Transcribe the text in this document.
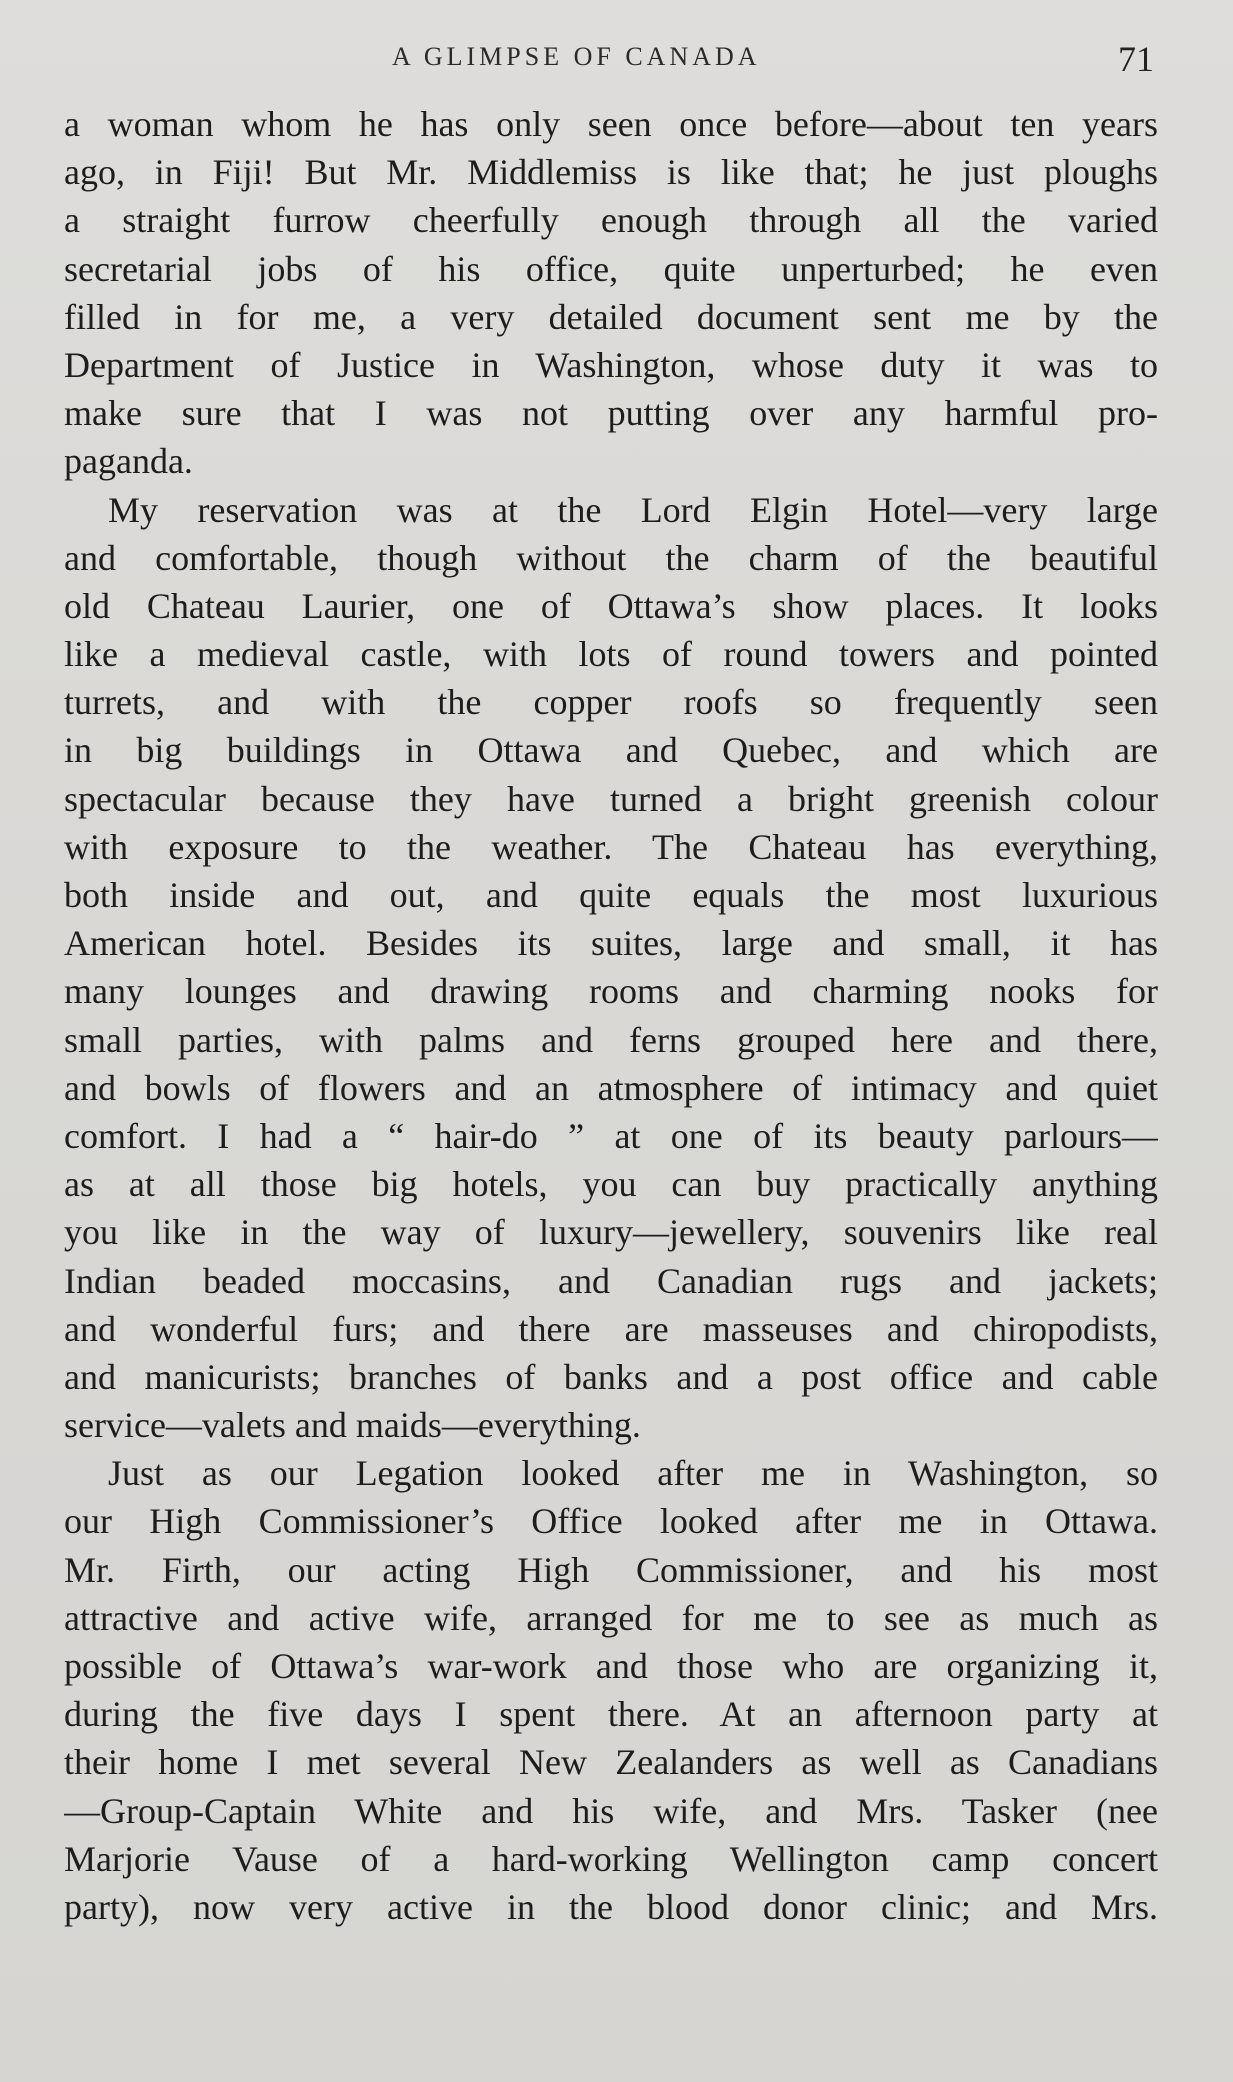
A GLIMPSE OF CANADA	71
a woman whom he has only seen once before—about ten years
ago, in Fiji! But Mr. Middlemiss is like that; he just ploughs
a straight furrow cheerfully enough through all the varied
secretarial jobs of his office, quite unperturbed; he even
filled in for me, a very detailed document sent me by the
Department of Justice in Washington, whose duty it was to
make sure that I was not putting over any harmful pro-
paganda.
My reservation was at the Lord Elgin Hotel—very large
and comfortable, though without the charm of the beautiful
old Chateau Laurier, one of Ottawa’s show places. It looks
like a medieval castle, with lots of round towers and pointed
turrets, and with the copper roofs so frequently seen
in big buildings in Ottawa and Quebec, and which are
spectacular because they have turned a bright greenish colour
with exposure to the weather. The Chateau has everything,
both inside and out, and quite equals the most luxurious
American hotel. Besides its suites, large and small, it has
many lounges and drawing rooms and charming nooks for
small parties, with palms and ferns grouped here and there,
and bowls of flowers and an atmosphere of intimacy and quiet
comfort. I had a “ hair-do ” at one of its beauty parlours—
as at all those big hotels, you can buy practically anything
you like in the way of luxury—jewellery, souvenirs like real
Indian beaded moccasins, and Canadian rugs and jackets;
and wonderful furs; and there are masseuses and chiropodists,
and manicurists; branches of banks and a post office and cable
service—valets and maids—everything.
Just as our Legation looked after me in Washington, so
our High Commissioner’s Office looked after me in Ottawa.
Mr. Firth, our acting High Commissioner, and his most
attractive and active wife, arranged for me to see as much as
possible of Ottawa’s war-work and those who are organizing it,
during the five days I spent there. At an afternoon party at
their home I met several New Zealanders as well as Canadians
—Group-Captain White and his wife, and Mrs. Tasker (nee
Marjorie Vause of a hard-working Wellington camp concert
party), now very active in the blood donor clinic; and Mrs.
